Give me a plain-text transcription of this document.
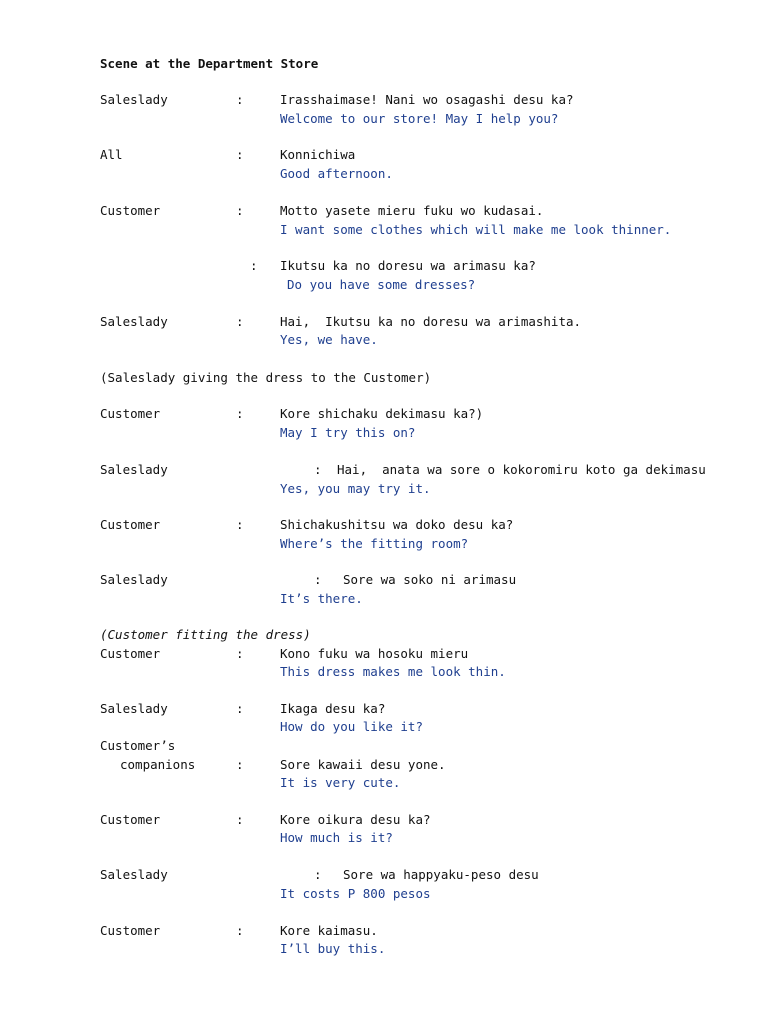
Scene at the Department Store
Saleslady	:	Irasshaimase! Nani wo osagashi desu ka?
Welcome to our store! May I help you?
All	:	Konnichiwa
Good afternoon.
Customer	:	Motto yasete mieru fuku wo kudasai.
I want some clothes which will make me look thinner.
: Ikutsu ka no doresu wa arimasu ka?
Do you have some dresses?
Saleslady	:	Hai,  Ikutsu ka no doresu wa arimashita.
Yes, we have.
(Saleslady giving the dress to the Customer)
Customer	:	Kore shichaku dekimasu ka?)
May I try this on?
Saleslady	: Hai,  anata wa sore o kokoromiru koto ga dekimasu
Yes, you may try it.
Customer	:	Shichakushitsu wa doko desu ka?
Where’s the fitting room?
Saleslady	: Sore wa soko ni arimasu
It’s there.
(Customer fitting the dress)
Customer	:	Kono fuku wa hosoku mieru
This dress makes me look thin.
Saleslady	:	Ikaga desu ka?
How do you like it?
Customer’s
companions	:	Sore kawaii desu yone.
It is very cute.
Customer	:	Kore oikura desu ka?
How much is it?
Saleslady	: Sore wa happyaku-peso desu
It costs P 800 pesos
Customer	:	Kore kaimasu.
I’ll buy this.
